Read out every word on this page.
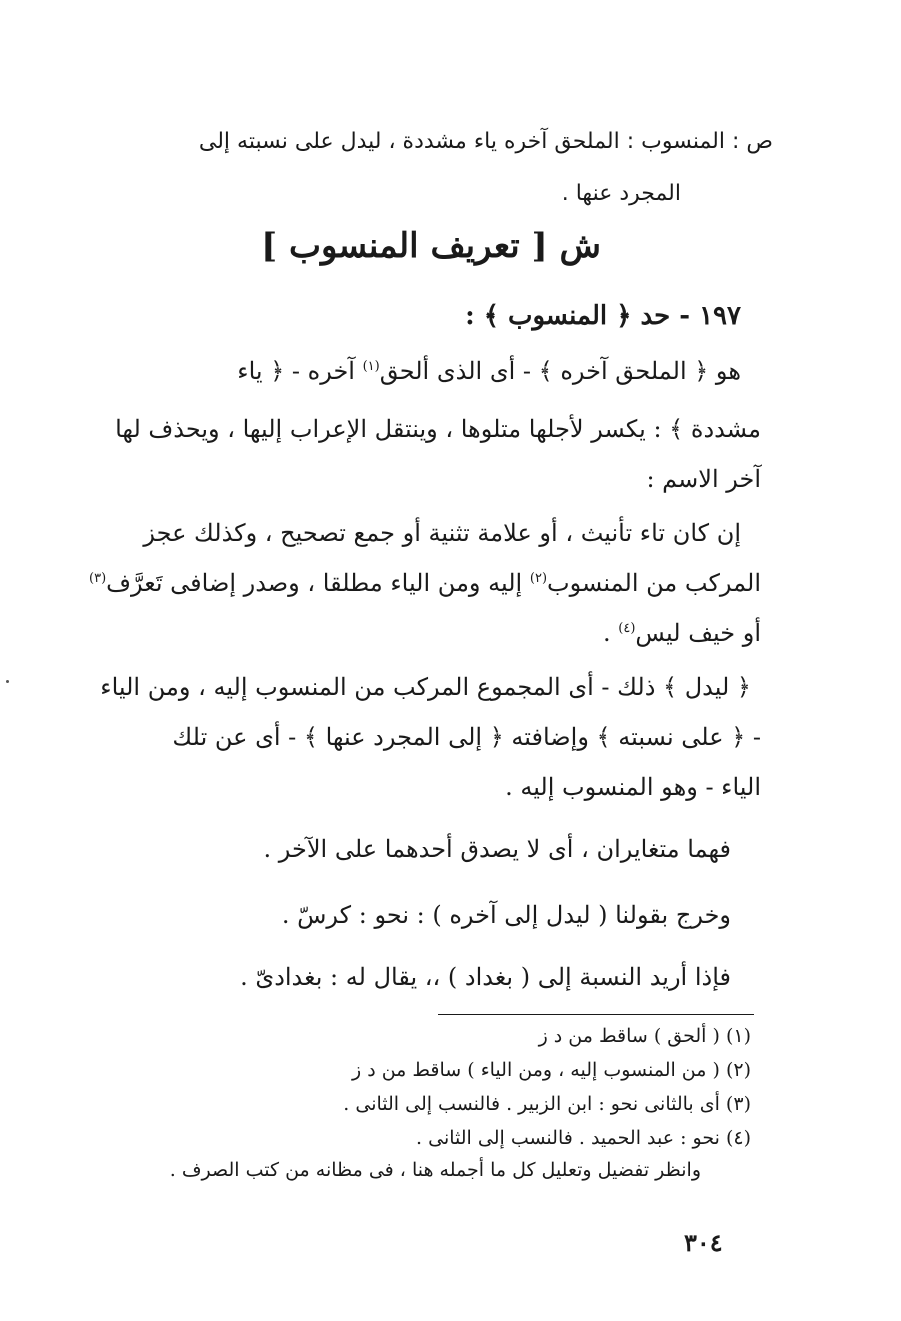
ص : المنسوب : الملحق آخره ياء مشددة ، ليدل على نسبته إلى
المجرد عنها .
ش [ تعريف المنسوب ]
١٩٧ - حد ﴿ المنسوب ﴾ :
هو ﴿ الملحق آخره ﴾ - أى الذى ألحق$^{(١)}$ آخره - ﴿ ياء
مشددة ﴾ : يكسر لأجلها متلوها ، وينتقل الإعراب إليها ، ويحذف لها
آخر الاسم :
إن كان تاء تأنيث ، أو علامة تثنية أو جمع تصحيح ، وكذلك عجز
المركب من المنسوب$^{(٢)}$ إليه ومن الياء مطلقا ، وصدر إضافى تَعرَّف$^{(٣)}$
أو خيف ليس$^{(٤)}$ .
﴿ ليدل ﴾ ذلك - أى المجموع المركب من المنسوب إليه ، ومن الياء
- ﴿ على نسبته ﴾ وإضافته ﴿ إلى المجرد عنها ﴾ - أى عن تلك
الياء - وهو المنسوب إليه .
فهما متغايران ، أى لا يصدق أحدهما على الآخر .
وخرج بقولنا ( ليدل إلى آخره ) : نحو : كرسّ .
فإذا أريد النسبة إلى ( بغداد ) ،، يقال له : بغدادىّ .
(١) ( ألحق ) ساقط من د ز
(٢) ( من المنسوب إليه ، ومن الياء ) ساقط من د ز
(٣) أى بالثانى نحو : ابن الزبير . فالنسب إلى الثانى .
(٤) نحو : عبد الحميد . فالنسب إلى الثانى .
وانظر تفضيل وتعليل كل ما أجمله هنا ، فى مظانه من كتب الصرف .
٣٠٤
